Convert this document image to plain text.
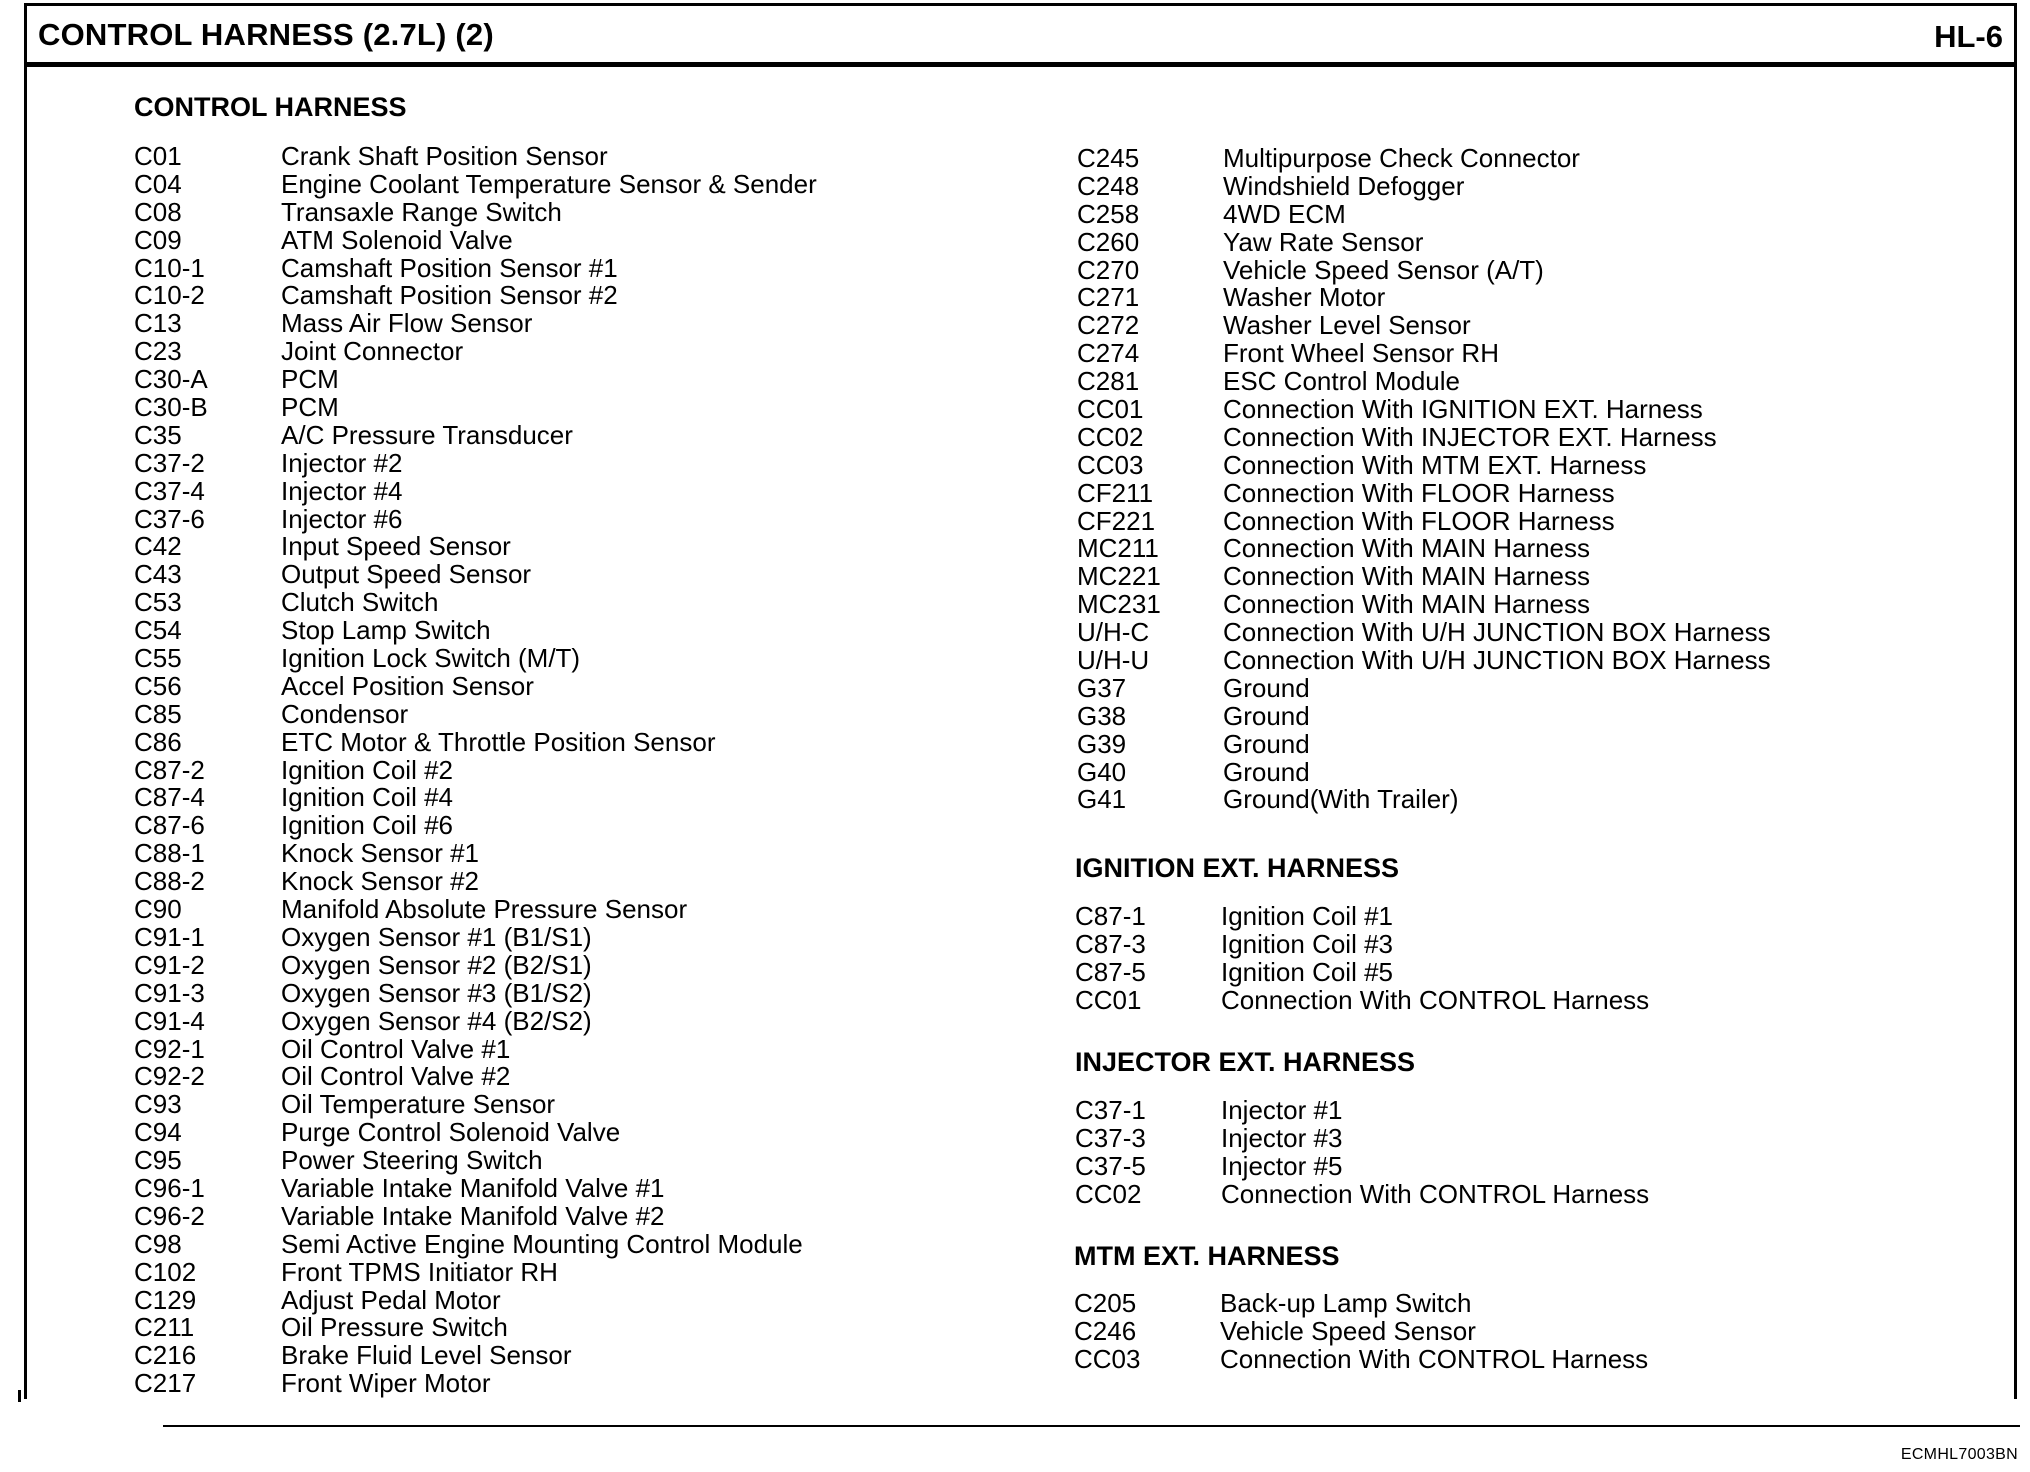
CONTROL HARNESS (2.7L) (2)	HL-6
CONTROL HARNESS
C01	Crank Shaft Position Sensor
C04	Engine Coolant Temperature Sensor & Sender
C08	Transaxle Range Switch
C09	ATM Solenoid Valve
C10-1	Camshaft Position Sensor #1
C10-2	Camshaft Position Sensor #2
C13	Mass Air Flow Sensor
C23	Joint Connector
C30-A	PCM
C30-B	PCM
C35	A/C Pressure Transducer
C37-2	Injector #2
C37-4	Injector #4
C37-6	Injector #6
C42	Input Speed Sensor
C43	Output Speed Sensor
C53	Clutch Switch
C54	Stop Lamp Switch
C55	Ignition Lock Switch (M/T)
C56	Accel Position Sensor
C85	Condensor
C86	ETC Motor & Throttle Position Sensor
C87-2	Ignition Coil #2
C87-4	Ignition Coil #4
C87-6	Ignition Coil #6
C88-1	Knock Sensor #1
C88-2	Knock Sensor #2
C90	Manifold Absolute Pressure Sensor
C91-1	Oxygen Sensor #1 (B1/S1)
C91-2	Oxygen Sensor #2 (B2/S1)
C91-3	Oxygen Sensor #3 (B1/S2)
C91-4	Oxygen Sensor #4 (B2/S2)
C92-1	Oil Control Valve #1
C92-2	Oil Control Valve #2
C93	Oil Temperature Sensor
C94	Purge Control Solenoid Valve
C95	Power Steering Switch
C96-1	Variable Intake Manifold Valve #1
C96-2	Variable Intake Manifold Valve #2
C98	Semi Active Engine Mounting Control Module
C102	Front TPMS Initiator RH
C129	Adjust Pedal Motor
C211	Oil Pressure Switch
C216	Brake Fluid Level Sensor
C217	Front Wiper Motor
C245	Multipurpose Check Connector
C248	Windshield Defogger
C258	4WD ECM
C260	Yaw Rate Sensor
C270	Vehicle Speed Sensor (A/T)
C271	Washer Motor
C272	Washer Level Sensor
C274	Front Wheel Sensor RH
C281	ESC Control Module
CC01	Connection With IGNITION EXT. Harness
CC02	Connection With INJECTOR EXT. Harness
CC03	Connection With MTM EXT. Harness
CF211	Connection With FLOOR Harness
CF221	Connection With FLOOR Harness
MC211 Connection With MAIN Harness
MC221 Connection With MAIN Harness
MC231 Connection With MAIN Harness
U/H-C	Connection With U/H JUNCTION BOX Harness
U/H-U	Connection With U/H JUNCTION BOX Harness
G37	Ground
G38	Ground
G39	Ground
G40	Ground
G41	Ground(With Trailer)
IGNITION EXT. HARNESS
C87-1	Ignition Coil #1
C87-3	Ignition Coil #3
C87-5	Ignition Coil #5
CC01	Connection With CONTROL Harness
INJECTOR EXT. HARNESS
C37-1	Injector #1
C37-3	Injector #3
C37-5	Injector #5
CC02	Connection With CONTROL Harness
MTM EXT. HARNESS
C205	Back-up Lamp Switch
C246	Vehicle Speed Sensor
CC03	Connection With CONTROL Harness
ECMHL7003BN
